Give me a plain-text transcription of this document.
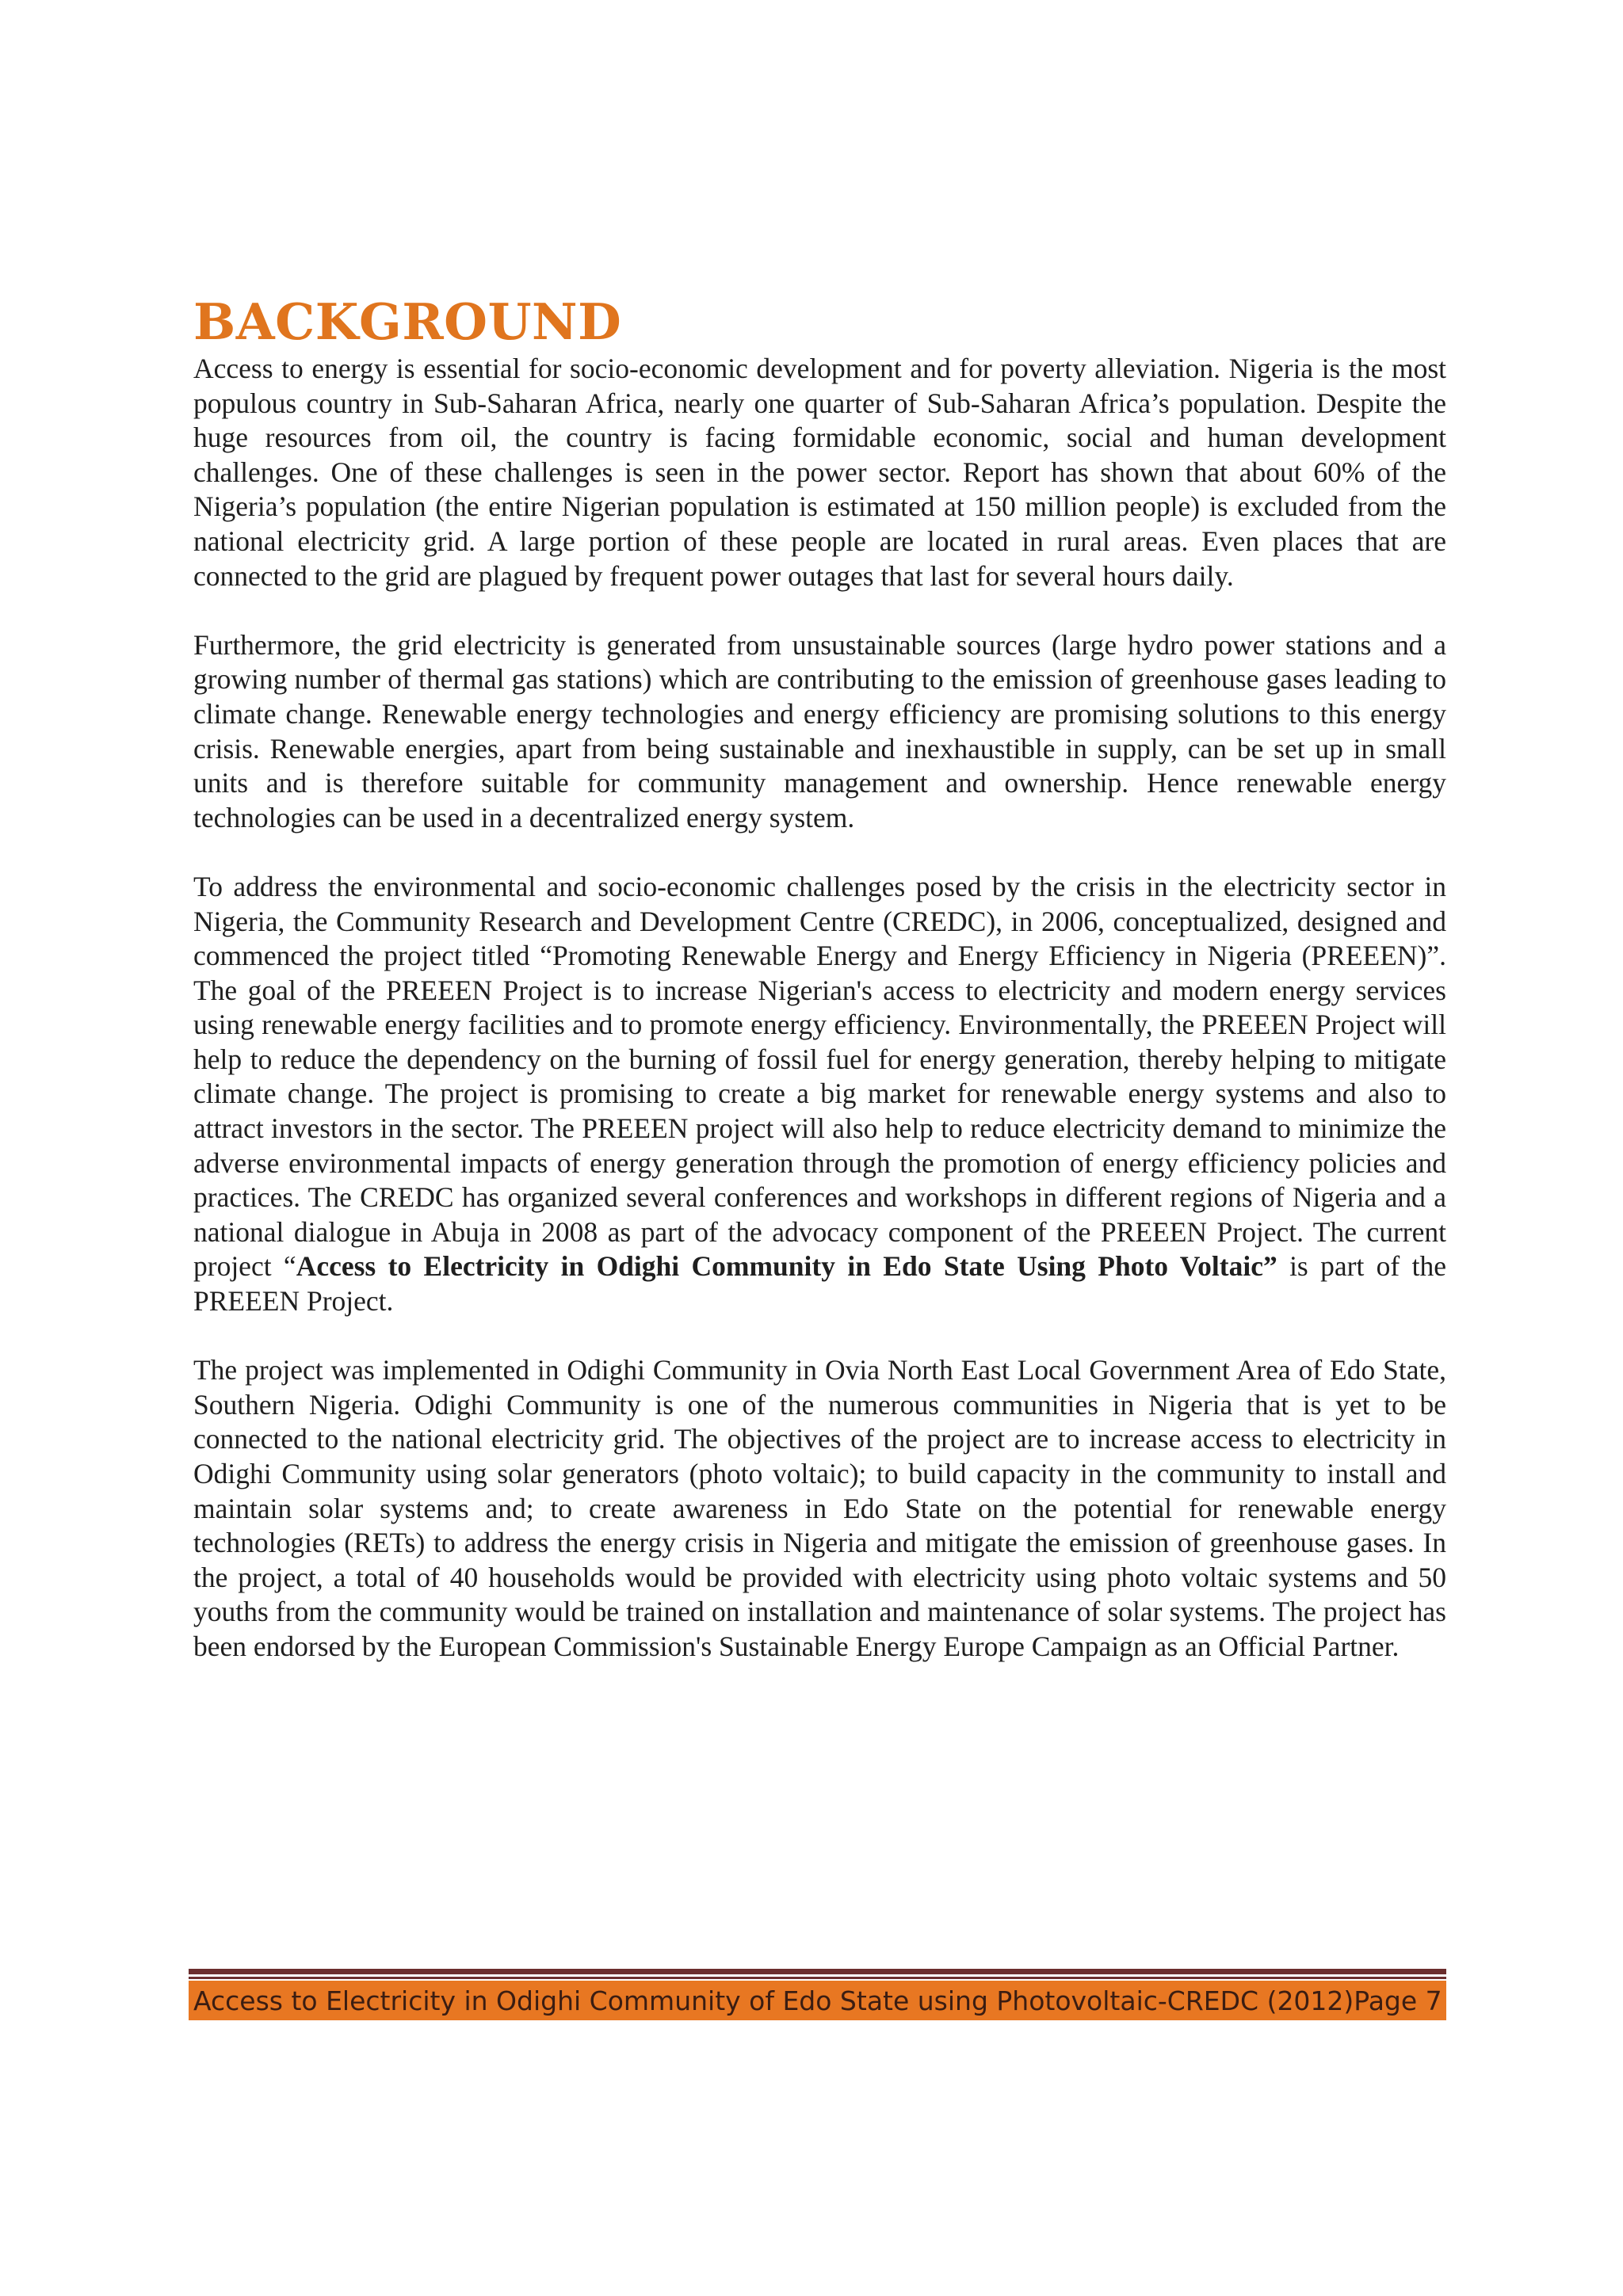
BACKGROUND

Access to energy is essential for socio-economic development and for poverty alleviation. Nigeria is the most populous country in Sub-Saharan Africa, nearly one quarter of Sub-Saharan Africa’s population. Despite the huge resources from oil, the country is facing formidable economic, social and human development challenges. One of these challenges is seen in the power sector. Report has shown that about 60% of the Nigeria’s population (the entire Nigerian population is estimated at 150 million people) is excluded from the national electricity grid. A large portion of these people are located in rural areas. Even places that are connected to the grid are plagued by frequent power outages that last for several hours daily.

Furthermore, the grid electricity is generated from unsustainable sources (large hydro power stations and a growing number of thermal gas stations) which are contributing to the emission of greenhouse gases leading to climate change. Renewable energy technologies and energy efficiency are promising solutions to this energy crisis. Renewable energies, apart from being sustainable and inexhaustible in supply, can be set up in small units and is therefore suitable for community management and ownership. Hence renewable energy technologies can be used in a decentralized energy system.

To address the environmental and socio-economic challenges posed by the crisis in the electricity sector in Nigeria, the Community Research and Development Centre (CREDC), in 2006, conceptualized, designed and commenced the project titled “Promoting Renewable Energy and Energy Efficiency in Nigeria (PREEEN)”. The goal of the PREEEN Project is to increase Nigerian's access to electricity and modern energy services using renewable energy facilities and to promote energy efficiency. Environmentally, the PREEEN Project will help to reduce the dependency on the burning of fossil fuel for energy generation, thereby helping to mitigate climate change. The project is promising to create a big market for renewable energy systems and also to attract investors in the sector. The PREEEN project will also help to reduce electricity demand to minimize the adverse environmental impacts of energy generation through the promotion of energy efficiency policies and practices. The CREDC has organized several conferences and workshops in different regions of Nigeria and a national dialogue in Abuja in 2008 as part of the advocacy component of the PREEEN Project. The current project “Access to Electricity in Odighi Community in Edo State Using Photo Voltaic” is part of the PREEEN Project.

The project was implemented in Odighi Community in Ovia North East Local Government Area of Edo State, Southern Nigeria. Odighi Community is one of the numerous communities in Nigeria that is yet to be connected to the national electricity grid. The objectives of the project are to increase access to electricity in Odighi Community using solar generators (photo voltaic); to build capacity in the community to install and maintain solar systems and; to create awareness in Edo State on the potential for renewable energy technologies (RETs) to address the energy crisis in Nigeria and mitigate the emission of greenhouse gases. In the project, a total of 40 households would be provided with electricity using photo voltaic systems and 50 youths from the community would be trained on installation and maintenance of solar systems. The project has been endorsed by the European Commission's Sustainable Energy Europe Campaign as an Official Partner.

Access to Electricity in Odighi Community of Edo State using Photovoltaic-CREDC (2012) Page 7
